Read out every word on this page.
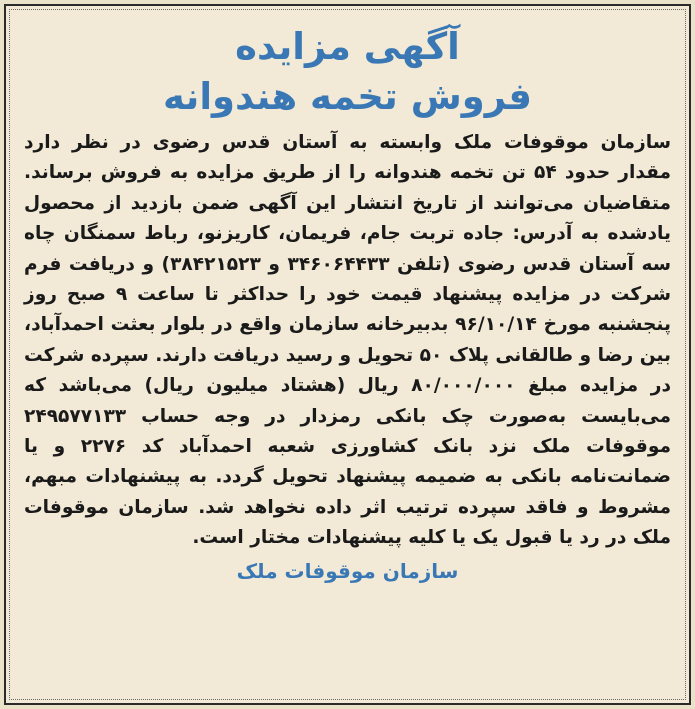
آگهی مزایده
فروش تخمه هندوانه

سازمان موقوفات ملک وابسته به آستان قدس رضوی در نظر دارد مقدار حدود ۵۴ تن تخمه هندوانه را از طریق مزایده به فروش برساند. متقاضیان می‌توانند از تاریخ انتشار این آگهی ضمن بازدید از محصول یادشده به آدرس: جاده تربت جام، فریمان، کاریزنو، رباط سمنگان چاه سه آستان قدس رضوی (تلفن ۳۴۶۰۶۴۴۳۳ و ۳۸۴۲۱۵۲۳) و دریافت فرم شرکت در مزایده پیشنهاد قیمت خود را حداکثر تا ساعت ۹ صبح روز پنجشنبه مورخ ۹۶/۱۰/۱۴ بدبیرخانه سازمان واقع در بلوار بعثت احمدآباد، بین رضا و طالقانی پلاک ۵۰ تحویل و رسید دریافت دارند. سپرده شرکت در مزایده مبلغ ۸۰/۰۰۰/۰۰۰ ریال (هشتاد میلیون ریال) می‌باشد که می‌بایست به‌صورت چک بانکی رمزدار در وجه حساب ۲۴۹۵۷۷۱۳۳ موقوفات ملک نزد بانک کشاورزی شعبه احمدآباد کد ۲۲۷۶ و یا ضمانت‌نامه بانکی به ضمیمه پیشنهاد تحویل گردد. به پیشنهادات مبهم، مشروط و فاقد سپرده ترتیب اثر داده نخواهد شد. سازمان موقوفات ملک در رد یا قبول یک یا کلیه پیشنهادات مختار است.

سازمان موقوفات ملک
